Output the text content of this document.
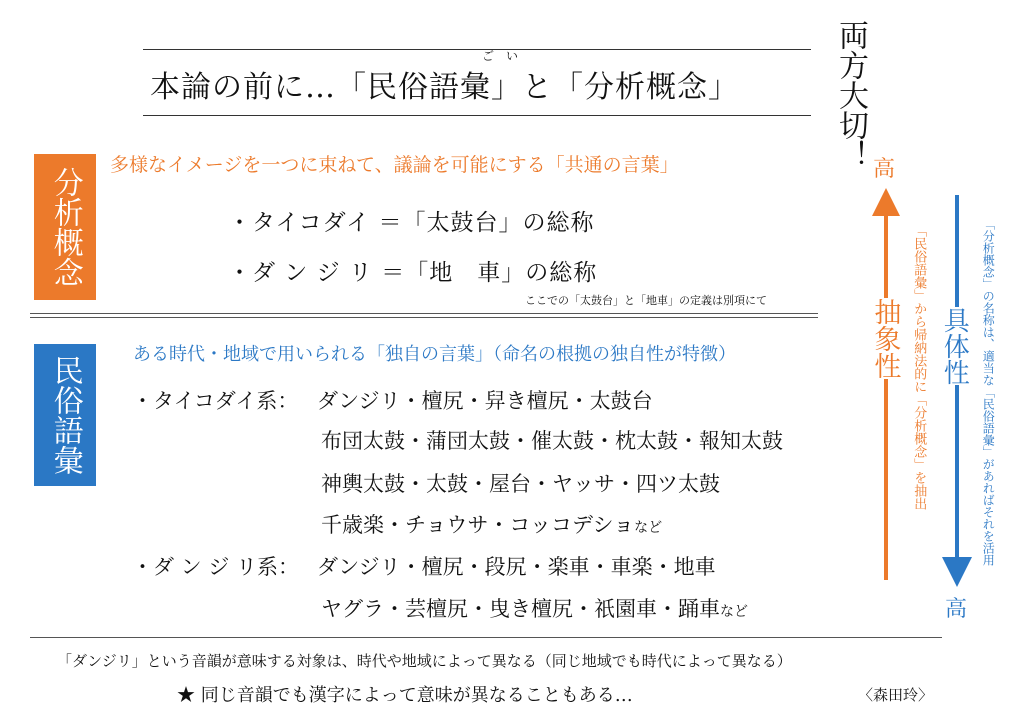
ご　い
本論の前に…「民俗語彙」と「分析概念」	両方大切！
分析概念
多様なイメージを一つに束ねて、議論を可能にする「共通の言葉」
・タイコダイ ＝「太鼓台」の総称
・ダ ン ジ リ ＝「地　車」の総称
ここでの「太鼓台」と「地車」の定義は別項にて
民俗語彙
ある時代・地域で用いられる「独自の言葉」（命名の根拠の独自性が特徴）
・タイコダイ系： ダンジリ・檀尻・舁き檀尻・太鼓台
布団太鼓・蒲団太鼓・催太鼓・枕太鼓・報知太鼓
神輿太鼓・太鼓・屋台・ヤッサ・四ツ太鼓
千歳楽・チョウサ・コッコデショなど
・ダ ン ジ リ系： ダンジリ・檀尻・段尻・楽車・車楽・地車
ヤグラ・芸檀尻・曳き檀尻・祇園車・踊車など
高
抽象性 「民俗語彙」から帰納法的に「分析概念」を抽出 具体性
高
「分析概念」の名称は、適当な「民俗語彙」があればそれを活用
「ダンジリ」という音韻が意味する対象は、時代や地域によって異なる（同じ地域でも時代によって異なる）
★ 同じ音韻でも漢字によって意味が異なることもある…	〈森田玲〉
